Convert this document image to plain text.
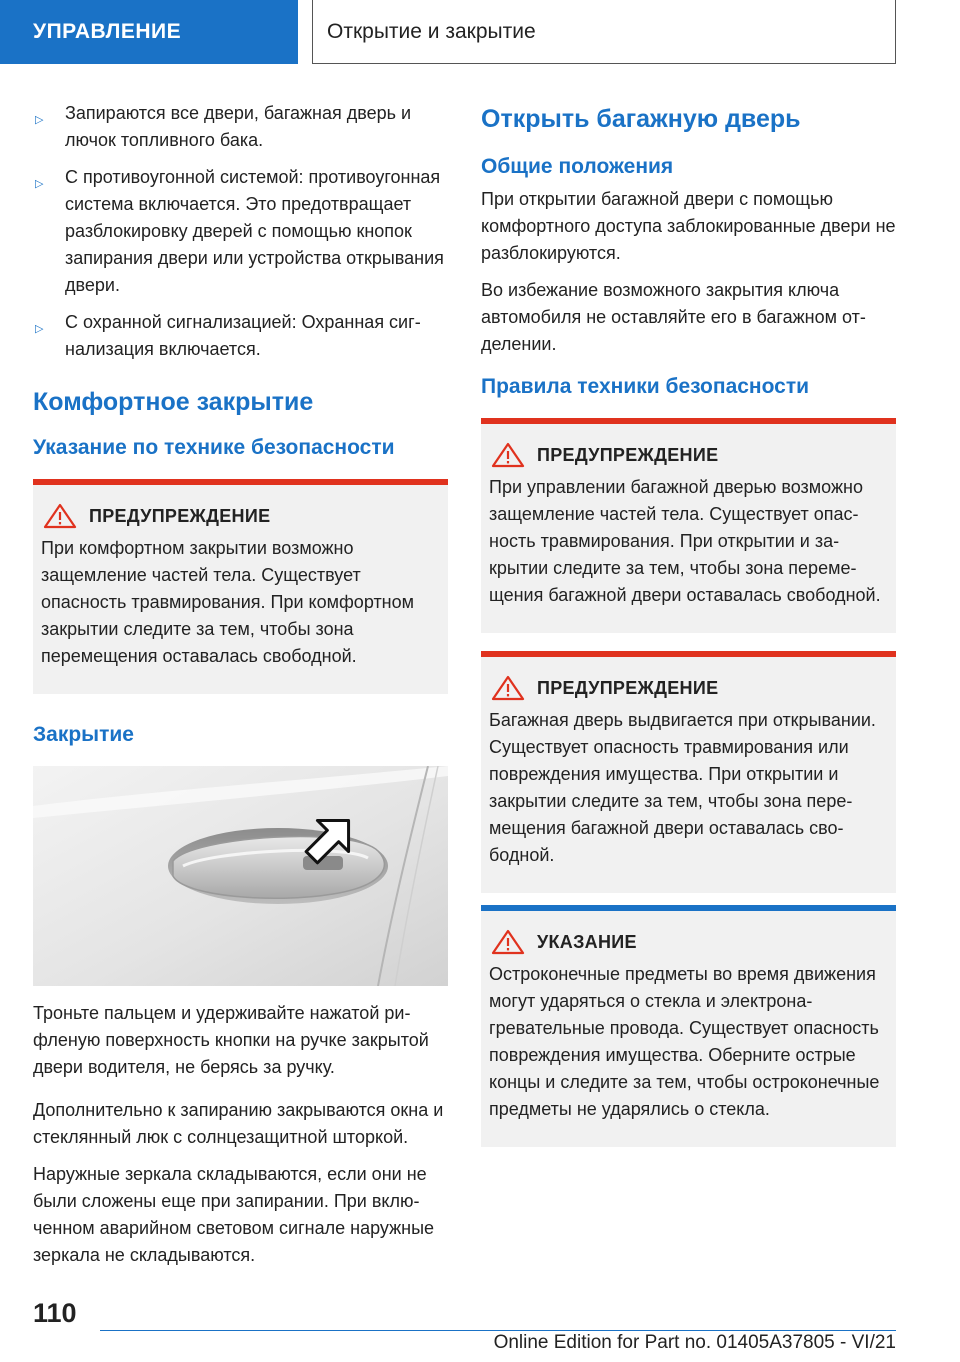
УПРАВЛЕНИЕ	Открытие и закрытие
▷ Запираются все двери, багажная дверь и лючок топливного бака.
▷ С противоугонной системой: противоугонная система включается. Это предотвращает разблокировку дверей с помощью кнопок запирания двери или устройства открывания двери.
▷ С охранной сигнализацией: Охранная сигнализация включается.
Комфортное закрытие
Указание по технике безопасности
ПРЕДУПРЕЖДЕНИЕ

При комфортном закрытии возможно защемление частей тела. Существует опасность травмирования. При комфортном закрытии следите за тем, чтобы зона перемещения оставалась свободной.

Закрытие

Троньте пальцем и удерживайте нажатой рифленую поверхность кнопки на ручке закрытой двери водителя, не берясь за ручку.

Дополнительно к запиранию закрываются окна и стеклянный люк с солнцезащитной шторкой.

Наружные зеркала складываются, если они не были сложены еще при запирании. При включенном аварийном световом сигнале наружные зеркала не складываются.

Открыть багажную дверь
Общие положения

При открытии багажной двери с помощью комфортного доступа заблокированные двери не разблокируются.

Во избежание возможного закрытия ключа автомобиля не оставляйте его в багажном отделении.

Правила техники безопасности
ПРЕДУПРЕЖДЕНИЕ

При управлении багажной дверью возможно защемление частей тела. Существует опасность травмирования. При открытии и закрытии следите за тем, чтобы зона перемещения багажной двери оставалась свободной.

ПРЕДУПРЕЖДЕНИЕ

Багажная дверь выдвигается при открывании. Существует опасность травмирования или повреждения имущества. При открытии и закрытии следите за тем, чтобы зона перемещения багажной двери оставалась свободной.

УКАЗАНИЕ

Остроконечные предметы во время движения могут ударяться о стекла и электронагревательные провода. Существует опасность повреждения имущества. Оберните острые концы и следите за тем, чтобы остроконечные предметы не ударялись о стекла.

110
Online Edition for Part no. 01405A37805 - VI/21
